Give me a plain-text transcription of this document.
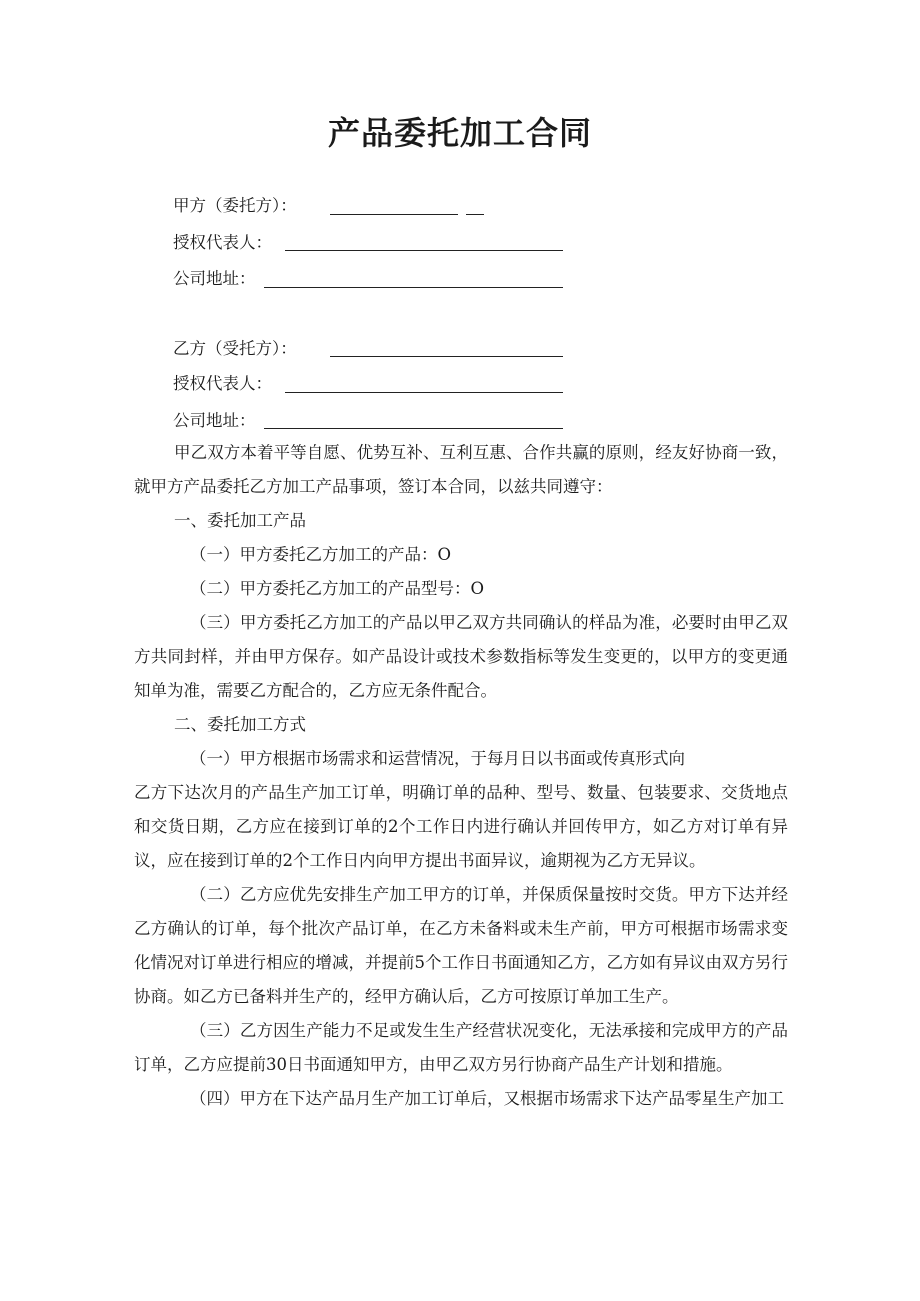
产品委托加工合同
甲方（委托方）：
授权代表人：
公司地址：
乙方（受托方）：
授权代表人：
公司地址：

甲乙双方本着平等自愿、优势互补、互利互惠、合作共赢的原则，经友好协商一致，就甲方产品委托乙方加工产品事项，签订本合同，以兹共同遵守：

一、委托加工产品

（一）甲方委托乙方加工的产品：O

（二）甲方委托乙方加工的产品型号：O

（三）甲方委托乙方加工的产品以甲乙双方共同确认的样品为准，必要时由甲乙双方共同封样，并由甲方保存。如产品设计或技术参数指标等发生变更的，以甲方的变更通知单为准，需要乙方配合的，乙方应无条件配合。

二、委托加工方式

（一）甲方根据市场需求和运营情况，于每月日以书面或传真形式向

乙方下达次月的产品生产加工订单，明确订单的品种、型号、数量、包装要求、交货地点和交货日期，乙方应在接到订单的2个工作日内进行确认并回传甲方，如乙方对订单有异议，应在接到订单的2个工作日内向甲方提出书面异议，逾期视为乙方无异议。

（二）乙方应优先安排生产加工甲方的订单，并保质保量按时交货。甲方下达并经乙方确认的订单，每个批次产品订单，在乙方未备料或未生产前，甲方可根据市场需求变化情况对订单进行相应的增减，并提前5个工作日书面通知乙方，乙方如有异议由双方另行协商。如乙方已备料并生产的，经甲方确认后，乙方可按原订单加工生产。

（三）乙方因生产能力不足或发生生产经营状况变化，无法承接和完成甲方的产品订单，乙方应提前30日书面通知甲方，由甲乙双方另行协商产品生产计划和措施。

（四）甲方在下达产品月生产加工订单后，又根据市场需求下达产品零星生产加工
